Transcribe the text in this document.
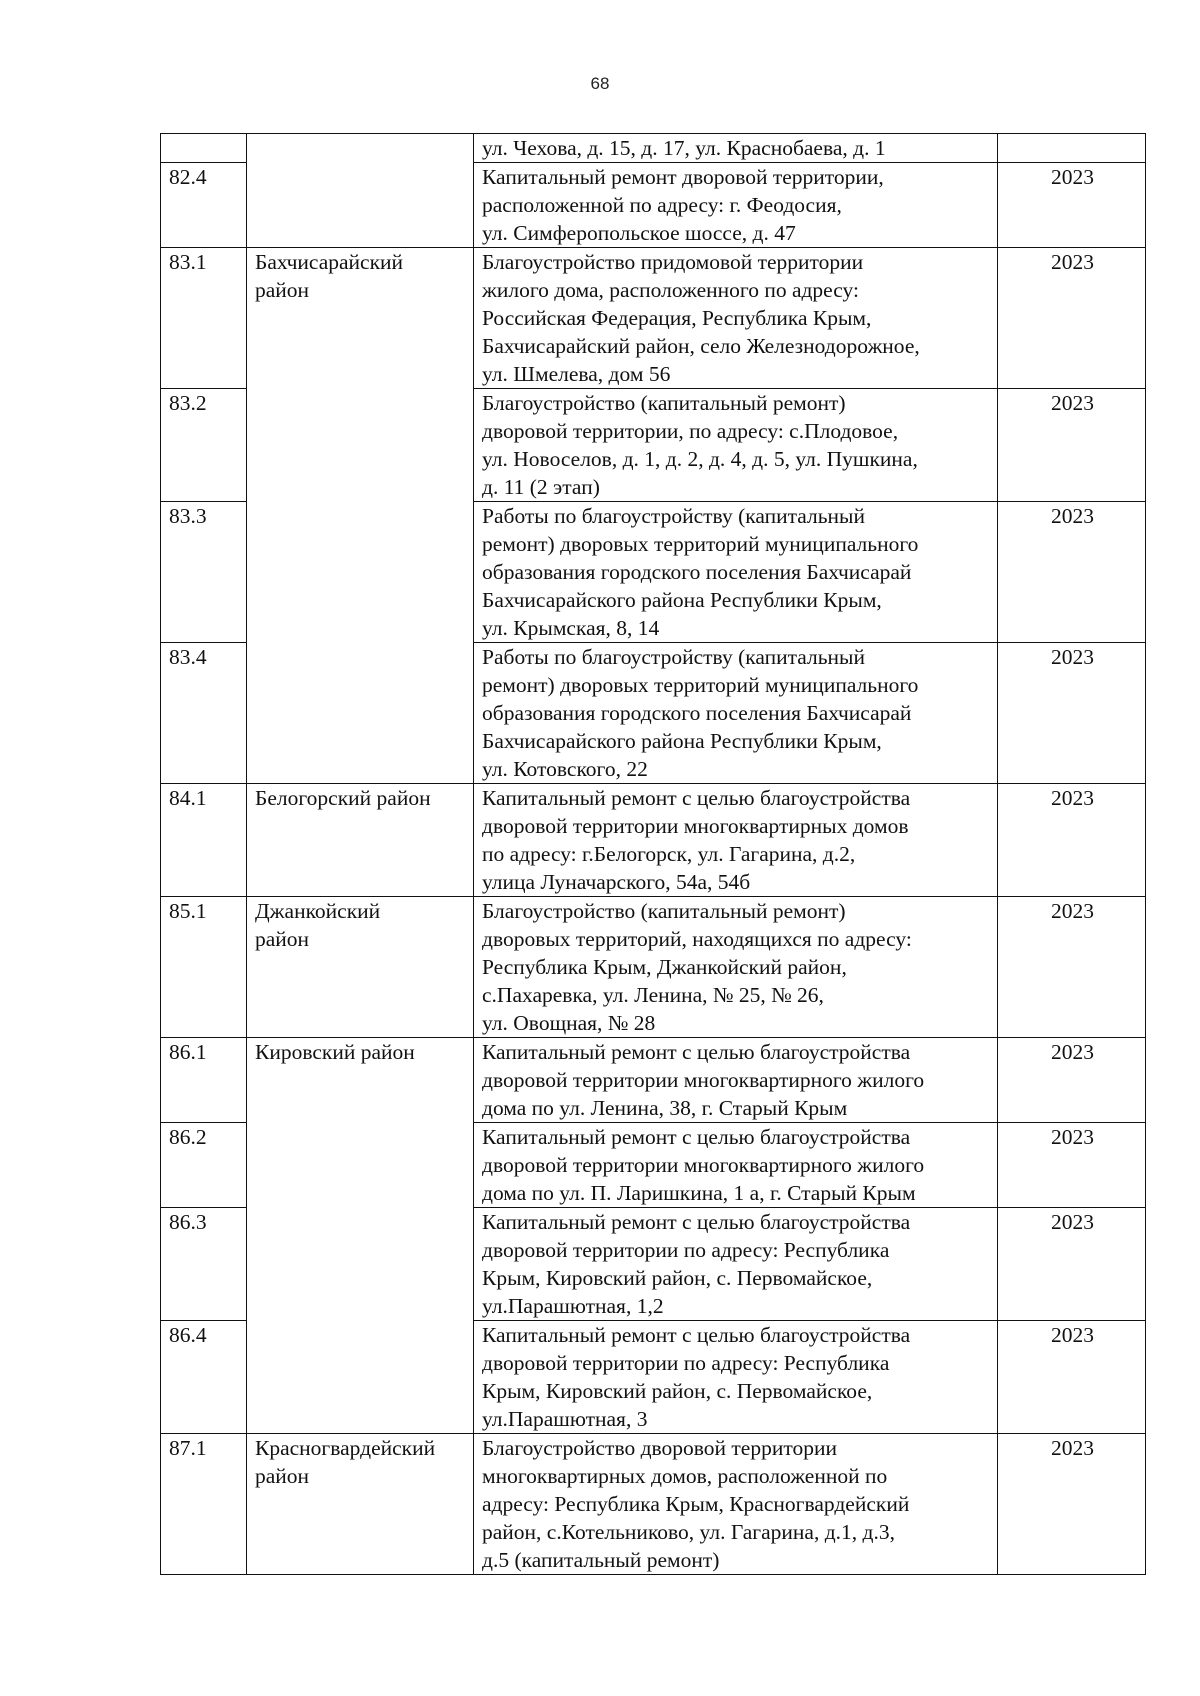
68

		ул. Чехова, д. 15, д. 17, ул. Краснобаева, д. 1	

82.4		Капитальный ремонт дворовой территории,
расположенной по адресу: г. Феодосия,
ул. Симферопольское шоссе, д. 47	2023
83.1	Бахчисарайский
район	Благоустройство придомовой территории
жилого дома, расположенного по адресу:
Российская Федерация, Республика Крым,
Бахчисарайский район, село Железнодорожное,
ул. Шмелева, дом 56	2023
83.2		Благоустройство (капитальный ремонт)
дворовой территории, по адресу: с.Плодовое,
ул. Новоселов, д. 1, д. 2, д. 4, д. 5, ул. Пушкина,
д. 11 (2 этап)	2023
83.3		Работы по благоустройству (капитальный
ремонт) дворовых территорий муниципального
образования городского поселения Бахчисарай
Бахчисарайского района Республики Крым,
ул. Крымская, 8, 14	2023
83.4		Работы по благоустройству (капитальный
ремонт) дворовых территорий муниципального
образования городского поселения Бахчисарай
Бахчисарайского района Республики Крым,
ул. Котовского, 22	2023
84.1	Белогорский район	Капитальный ремонт с целью благоустройства
дворовой территории многоквартирных домов
по адресу: г.Белогорск, ул. Гагарина, д.2,
улица Луначарского, 54а, 54б	2023
85.1	Джанкойский
район	Благоустройство (капитальный ремонт)
дворовых территорий, находящихся по адресу:
Республика Крым, Джанкойский район,
с.Пахаревка, ул. Ленина, № 25, № 26,
ул. Овощная, № 28	2023
86.1	Кировский район	Капитальный ремонт с целью благоустройства
дворовой территории многоквартирного жилого
дома по ул. Ленина, 38, г. Старый Крым	2023
86.2		Капитальный ремонт с целью благоустройства
дворовой территории многоквартирного жилого
дома по ул. П. Ларишкина, 1 а, г. Старый Крым	2023
86.3		Капитальный ремонт с целью благоустройства
дворовой территории по адресу: Республика
Крым, Кировский район, с. Первомайское,
ул.Парашютная, 1,2	2023
86.4		Капитальный ремонт с целью благоустройства
дворовой территории по адресу: Республика
Крым, Кировский район, с. Первомайское,
ул.Парашютная, 3	2023
87.1	Красногвардейский
район	Благоустройство дворовой территории
многоквартирных домов, расположенной по
адресу: Республика Крым, Красногвардейский
район, с.Котельниково, ул. Гагарина, д.1, д.3,
д.5 (капитальный ремонт)	2023
